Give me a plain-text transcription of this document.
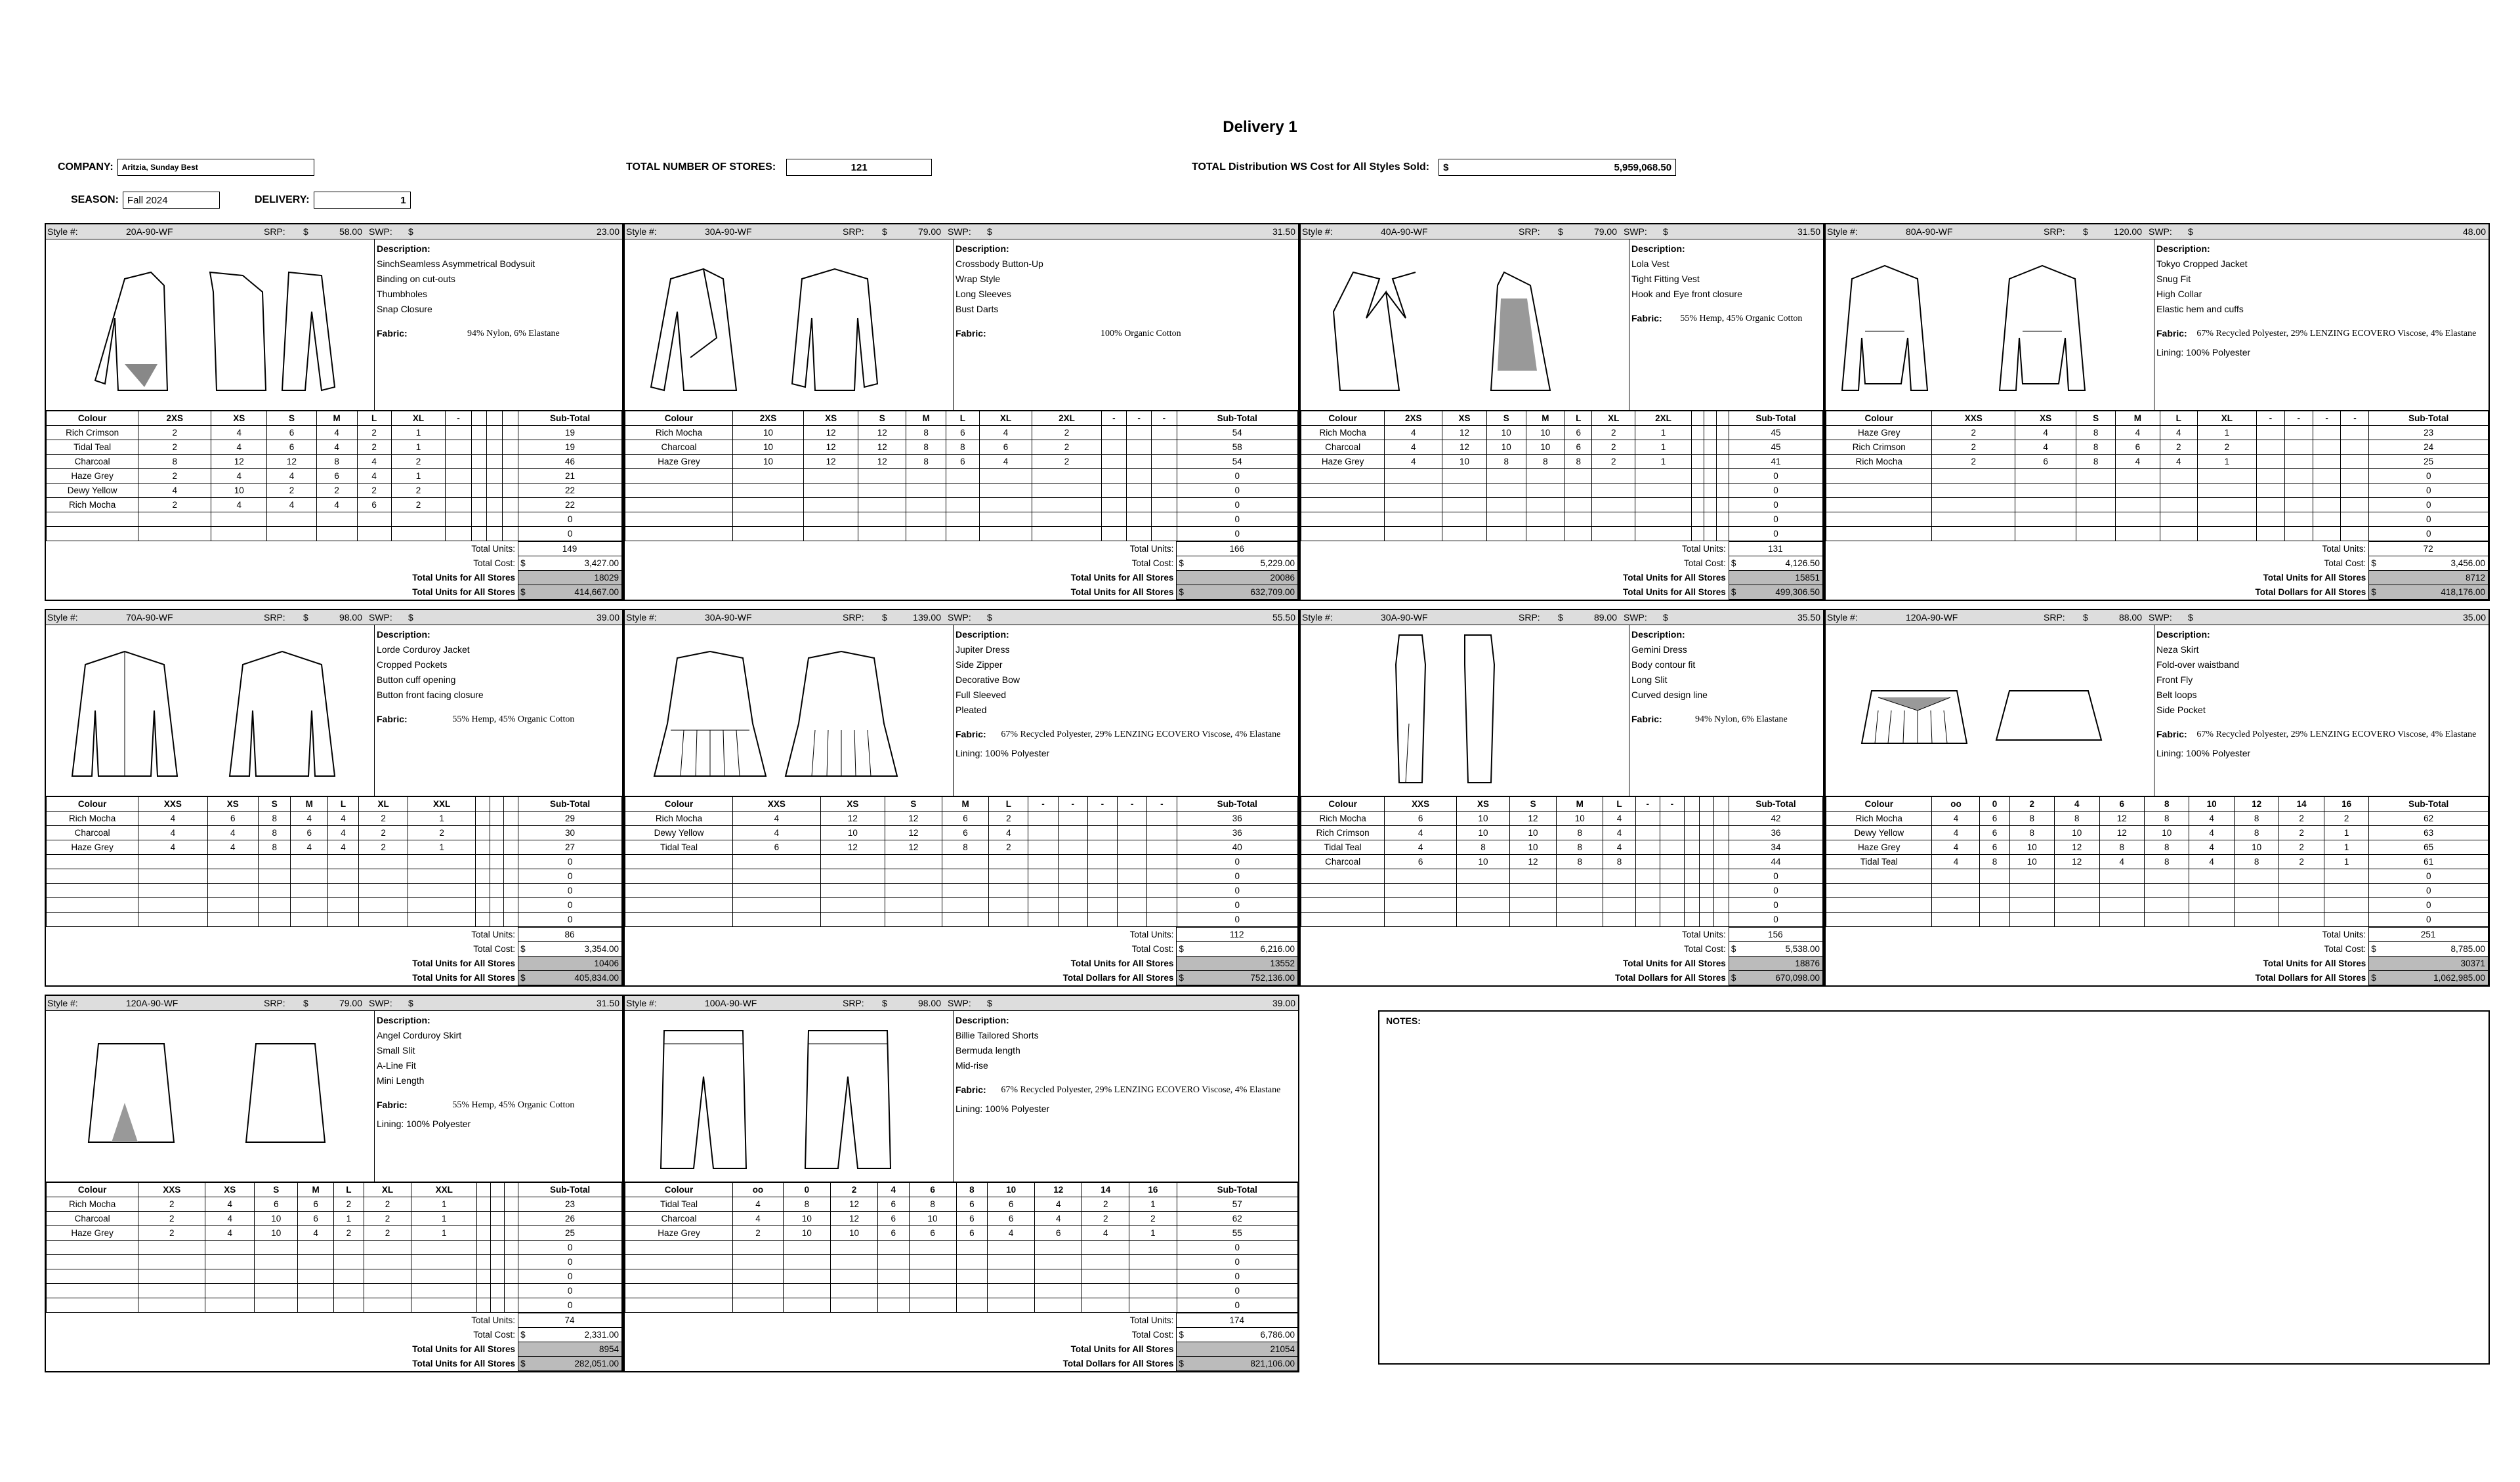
Delivery 1
COMPANY:	Aritzia, Sunday Best
SEASON: Fall 2024	DELIVERY:	1
TOTAL NUMBER OF STORES:	121	TOTAL Distribution WS Cost for All Styles Sold: $	5,959,068.50
Style #:	20A-90-WF	SRP:	$	58.00 SWP:	$	23.00
Description:
SinchSeamless Asymmetrical Bodysuit
Binding on cut-outs
Thumbholes
Snap Closure
Fabric:	94% Nylon, 6% Elastane
Colour	2XS	XS	S	M	L	XL	-				Sub-Total
Rich Crimson	2	4	6	4	2	1					19
Tidal Teal	2	4	6	4	2	1					19
Charcoal	8	12	12	8	4	2					46
Haze Grey	2	4	4	6	4	1					21
Dewy Yellow	4	10	2	2	2	2					22
Rich Mocha	2	4	4	4	6	2					22
											0
											0
Total Units:	149
Total Cost:	$ 3,427.00
Total Units for All Stores	18029
Total Units for All Stores	$ 414,667.00
Style #:	30A-90-WF	SRP:	$	79.00 SWP:	$	31.50
Description:
Crossbody Button-Up
Wrap Style
Long Sleeves
Bust Darts
Fabric:	100% Organic Cotton
Colour	2XS	XS	S	M	L	XL	2XL	-	-	-	Sub-Total
Rich Mocha	10	12	12	8	6	4	2				54
Charcoal	10	12	12	8	8	6	2				58
Haze Grey	10	12	12	8	6	4	2				54
											0
											0
											0
											0
											0
Total Units:	166
Total Cost:	$ 5,229.00
Total Units for All Stores	20086
Total Units for All Stores	$ 632,709.00
Style #:	40A-90-WF	SRP:	$	79.00 SWP:	$	31.50
Description:
Lola Vest
Tight Fitting Vest
Hook and Eye front closure
Fabric:	55% Hemp, 45% Organic Cotton
Colour	2XS	XS	S	M	L	XL	2XL				Sub-Total
Rich Mocha	4	12	10	10	6	2	1				45
Charcoal	4	12	10	10	6	2	1				45
Haze Grey	4	10	8	8	8	2	1				41
											0
											0
											0
											0
											0
Total Units:	131
Total Cost:	$ 4,126.50
Total Units for All Stores	15851
Total Units for All Stores	$ 499,306.50
Style #:	80A-90-WF	SRP:	$	120.00 SWP:	$	48.00
Description:
Tokyo Cropped Jacket
Snug Fit
High Collar
Elastic hem and cuffs
Fabric:	67% Recycled Polyester, 29% LENZING ECOVERO Viscose, 4% Elastane
Lining: 100% Polyester
Colour	XXS	XS	S	M	L	XL	-	-	-	-	Sub-Total
Haze Grey	2	4	8	4	4	1					23
Rich Crimson	2	4	8	6	2	2					24
Rich Mocha	2	6	8	4	4	1					25
											0
											0
											0
											0
											0
Total Units:	72
Total Cost:	$ 3,456.00
Total Units for All Stores	8712
Total Dollars for All Stores	$ 418,176.00
Style #:	70A-90-WF	SRP:	$	98.00 SWP:	$	39.00
Description:
Lorde Corduroy Jacket
Cropped Pockets
Button cuff opening
Button front facing closure
Fabric:	55% Hemp, 45% Organic Cotton
Colour	XXS	XS	S	M	L	XL	XXL				Sub-Total
Rich Mocha	4	6	8	4	4	2	1				29
Charcoal	4	4	8	6	4	2	2				30
Haze Grey	4	4	8	4	4	2	1				27
											0
											0
											0
											0
											0
Total Units:	86
Total Cost:	$ 3,354.00
Total Units for All Stores	10406
Total Units for All Stores	$ 405,834.00
Style #:	30A-90-WF	SRP:	$	139.00 SWP:	$	55.50
Description:
Jupiter Dress
Side Zipper
Decorative Bow
Full Sleeved
Pleated
Fabric:	67% Recycled Polyester, 29% LENZING ECOVERO Viscose, 4% Elastane
Lining: 100% Polyester
Colour	XXS	XS	S	M	L	-	-	-	-	-	Sub-Total
Rich Mocha	4	12	12	6	2						36
Dewy Yellow	4	10	12	6	4						36
Tidal Teal	6	12	12	8	2						40
											0
											0
											0
											0
											0
Total Units:	112
Total Cost:	$ 6,216.00
Total Units for All Stores	13552
Total Dollars for All Stores	$ 752,136.00
Style #:	30A-90-WF	SRP:	$	89.00 SWP:	$	35.50
Description:
Gemini Dress
Body contour fit
Long Slit
Curved design line
Fabric:	94% Nylon, 6% Elastane
Colour	XXS	XS	S	M	L	-	-				Sub-Total
Rich Mocha	6	10	12	10	4						42
Rich Crimson	4	10	10	8	4						36
Tidal Teal	4	8	10	8	4						34
Charcoal	6	10	12	8	8						44
											0
											0
											0
											0
Total Units:	156
Total Cost:	$ 5,538.00
Total Units for All Stores	18876
Total Dollars for All Stores	$ 670,098.00
Style #:	120A-90-WF	SRP:	$	88.00 SWP:	$	35.00
Description:
Neza Skirt
Fold-over waistband
Front Fly
Belt loops
Side Pocket
Fabric:	67% Recycled Polyester, 29% LENZING ECOVERO Viscose, 4% Elastane
Lining: 100% Polyester
Colour	oo	0	2	4	6	8	10	12	14	16	Sub-Total
Rich Mocha	4	6	8	8	12	8	4	8	2	2	62
Dewy Yellow	4	6	8	10	12	10	4	8	2	1	63
Haze Grey	4	6	10	12	8	8	4	10	2	1	65
Tidal Teal	4	8	10	12	4	8	4	8	2	1	61
											0
											0
											0
											0
Total Units:	251
Total Cost:	$ 8,785.00
Total Units for All Stores	30371
Total Dollars for All Stores	$ 1,062,985.00
Style #:	120A-90-WF	SRP:	$	79.00 SWP:	$	31.50
Description:
Angel Corduroy Skirt
Small Slit
A-Line Fit
Mini Length
Fabric:	55% Hemp, 45% Organic Cotton
Lining: 100% Polyester
Colour	XXS	XS	S	M	L	XL	XXL				Sub-Total
Rich Mocha	2	4	6	6	2	2	1				23
Charcoal	2	4	10	6	1	2	1				26
Haze Grey	2	4	10	4	2	2	1				25
											0
											0
											0
											0
											0
Total Units:	74
Total Cost:	$ 2,331.00
Total Units for All Stores	8954
Total Units for All Stores	$ 282,051.00
Style #:	100A-90-WF	SRP:	$	98.00 SWP:	$	39.00
Description:
Billie Tailored Shorts
Bermuda length
Mid-rise
Fabric:	67% Recycled Polyester, 29% LENZING ECOVERO Viscose, 4% Elastane
Lining: 100% Polyester
Colour	oo	0	2	4	6	8	10	12	14	16	Sub-Total
Tidal Teal	4	8	12	6	8	6	6	4	2	1	57
Charcoal	4	10	12	6	10	6	6	4	2	2	62
Haze Grey	2	10	10	6	6	6	4	6	4	1	55
											0
											0
											0
											0
											0
Total Units:	174
Total Cost:	$ 6,786.00
Total Units for All Stores	21054
Total Dollars for All Stores	$ 821,106.00
NOTES:
